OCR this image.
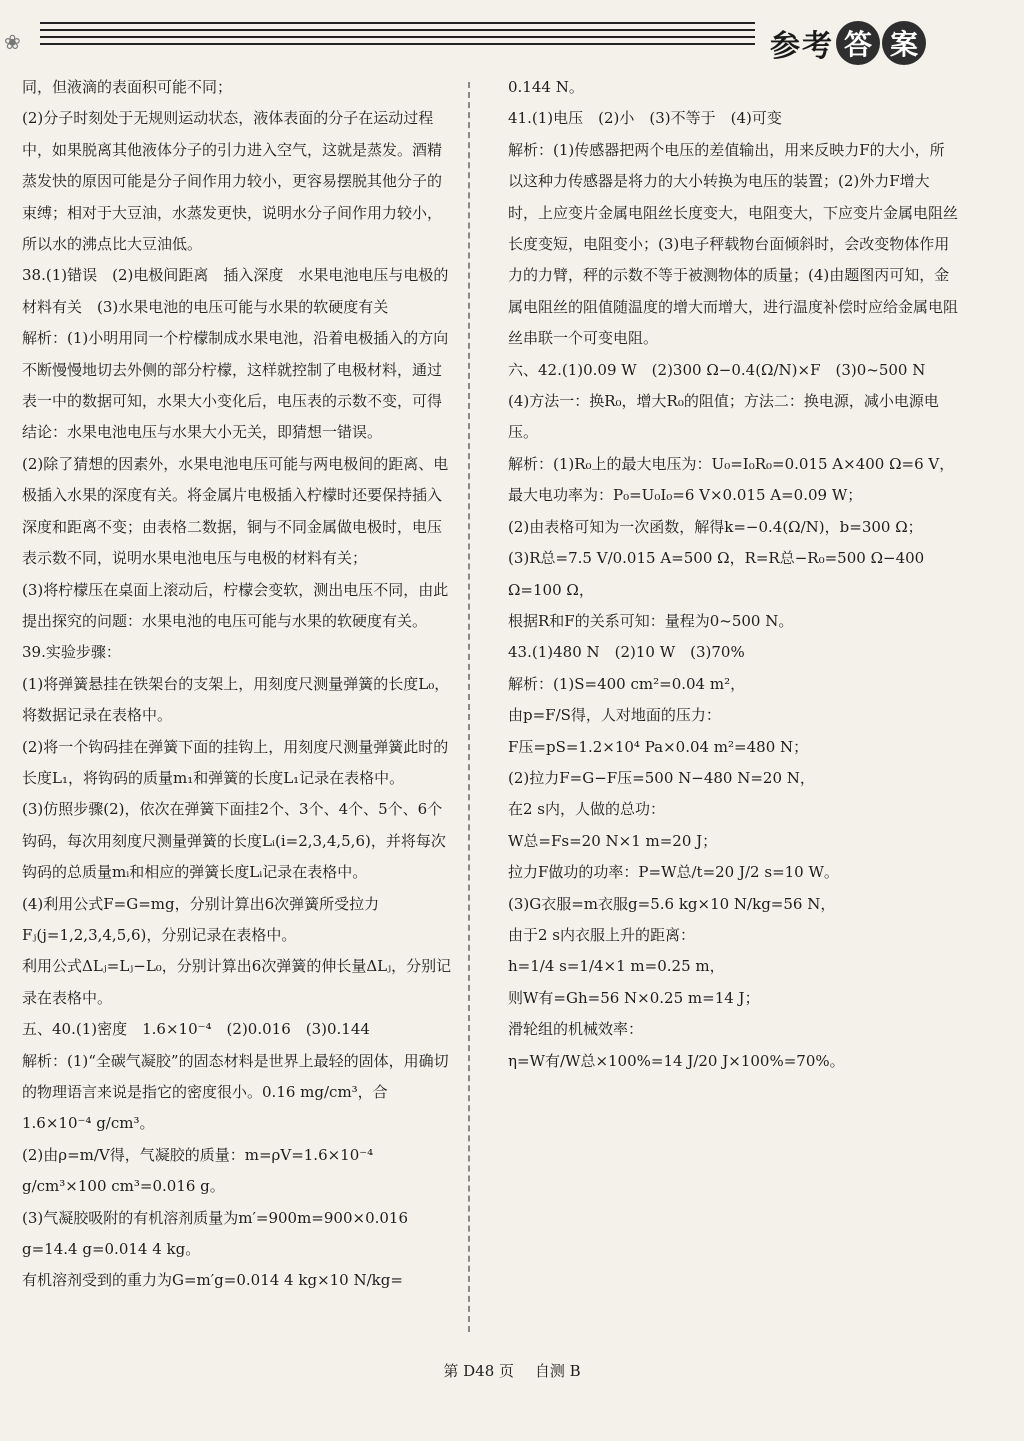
❀	参考 答 案

同，但液滴的表面积可能不同；

(2)分子时刻处于无规则运动状态，液体表面的分子在运动过程中，如果脱离其他液体分子的引力进入空气，这就是蒸发。酒精蒸发快的原因可能是分子间作用力较小，更容易摆脱其他分子的束缚；相对于大豆油，水蒸发更快，说明水分子间作用力较小，所以水的沸点比大豆油低。

38.(1)错误　(2)电极间距离　插入深度　水果电池电压与电极的材料有关　(3)水果电池的电压可能与水果的软硬度有关

解析：(1)小明用同一个柠檬制成水果电池，沿着电极插入的方向不断慢慢地切去外侧的部分柠檬，这样就控制了电极材料，通过表一中的数据可知，水果大小变化后，电压表的示数不变，可得结论：水果电池电压与水果大小无关，即猜想一错误。

(2)除了猜想的因素外，水果电池电压可能与两电极间的距离、电极插入水果的深度有关。将金属片电极插入柠檬时还要保持插入深度和距离不变；由表格二数据，铜与不同金属做电极时，电压表示数不同，说明水果电池电压与电极的材料有关；

(3)将柠檬压在桌面上滚动后，柠檬会变软，测出电压不同，由此提出探究的问题：水果电池的电压可能与水果的软硬度有关。

39.实验步骤：

(1)将弹簧悬挂在铁架台的支架上，用刻度尺测量弹簧的长度L₀，将数据记录在表格中。

(2)将一个钩码挂在弹簧下面的挂钩上，用刻度尺测量弹簧此时的长度L₁，将钩码的质量m₁和弹簧的长度L₁记录在表格中。

(3)仿照步骤(2)，依次在弹簧下面挂2个、3个、4个、5个、6个钩码，每次用刻度尺测量弹簧的长度Lᵢ(i=2,3,4,5,6)，并将每次钩码的总质量mᵢ和相应的弹簧长度Lᵢ记录在表格中。

(4)利用公式F=G=mg，分别计算出6次弹簧所受拉力Fⱼ(j=1,2,3,4,5,6)，分别记录在表格中。

利用公式ΔLⱼ=Lⱼ−L₀，分别计算出6次弹簧的伸长量ΔLⱼ，分别记录在表格中。

五、40.(1)密度　1.6×10⁻⁴　(2)0.016　(3)0.144

解析：(1)“全碳气凝胶”的固态材料是世界上最轻的固体，用确切的物理语言来说是指它的密度很小。0.16 mg/cm³，合1.6×10⁻⁴ g/cm³。

(2)由ρ=m/V得，气凝胶的质量：m=ρV=1.6×10⁻⁴ g/cm³×100 cm³=0.016 g。

(3)气凝胶吸附的有机溶剂质量为m′=900m=900×0.016 g=14.4 g=0.014 4 kg。

有机溶剂受到的重力为G=m′g=0.014 4 kg×10 N/kg=

0.144 N。

41.(1)电压　(2)小　(3)不等于　(4)可变

解析：(1)传感器把两个电压的差值输出，用来反映力F的大小，所以这种力传感器是将力的大小转换为电压的装置；(2)外力F增大时，上应变片金属电阻丝长度变大，电阻变大，下应变片金属电阻丝长度变短，电阻变小；(3)电子秤载物台面倾斜时，会改变物体作用力的力臂，秤的示数不等于被测物体的质量；(4)由题图丙可知，金属电阻丝的阻值随温度的增大而增大，进行温度补偿时应给金属电阻丝串联一个可变电阻。

六、42.(1)0.09 W　(2)300 Ω−0.4(Ω/N)×F　(3)0~500 N

(4)方法一：换R₀，增大R₀的阻值；方法二：换电源，减小电源电压。

解析：(1)R₀上的最大电压为：U₀=I₀R₀=0.015 A×400 Ω=6 V，

最大电功率为：P₀=U₀I₀=6 V×0.015 A=0.09 W；

(2)由表格可知为一次函数，解得k=−0.4(Ω/N)，b=300 Ω；

(3)R总=7.5 V/0.015 A=500 Ω，R=R总−R₀=500 Ω−400 Ω=100 Ω，

根据R和F的关系可知：量程为0~500 N。

43.(1)480 N　(2)10 W　(3)70%

解析：(1)S=400 cm²=0.04 m²，

由p=F/S得，人对地面的压力：

F压=pS=1.2×10⁴ Pa×0.04 m²=480 N；

(2)拉力F=G−F压=500 N−480 N=20 N，

在2 s内，人做的总功：

W总=Fs=20 N×1 m=20 J；

拉力F做功的功率：P=W总/t=20 J/2 s=10 W。

(3)G衣服=m衣服g=5.6 kg×10 N/kg=56 N，

由于2 s内衣服上升的距离：

h=1/4 s=1/4×1 m=0.25 m，

则W有=Gh=56 N×0.25 m=14 J；

滑轮组的机械效率：

η=W有/W总×100%=14 J/20 J×100%=70%。

第 D48 页 自测 B
